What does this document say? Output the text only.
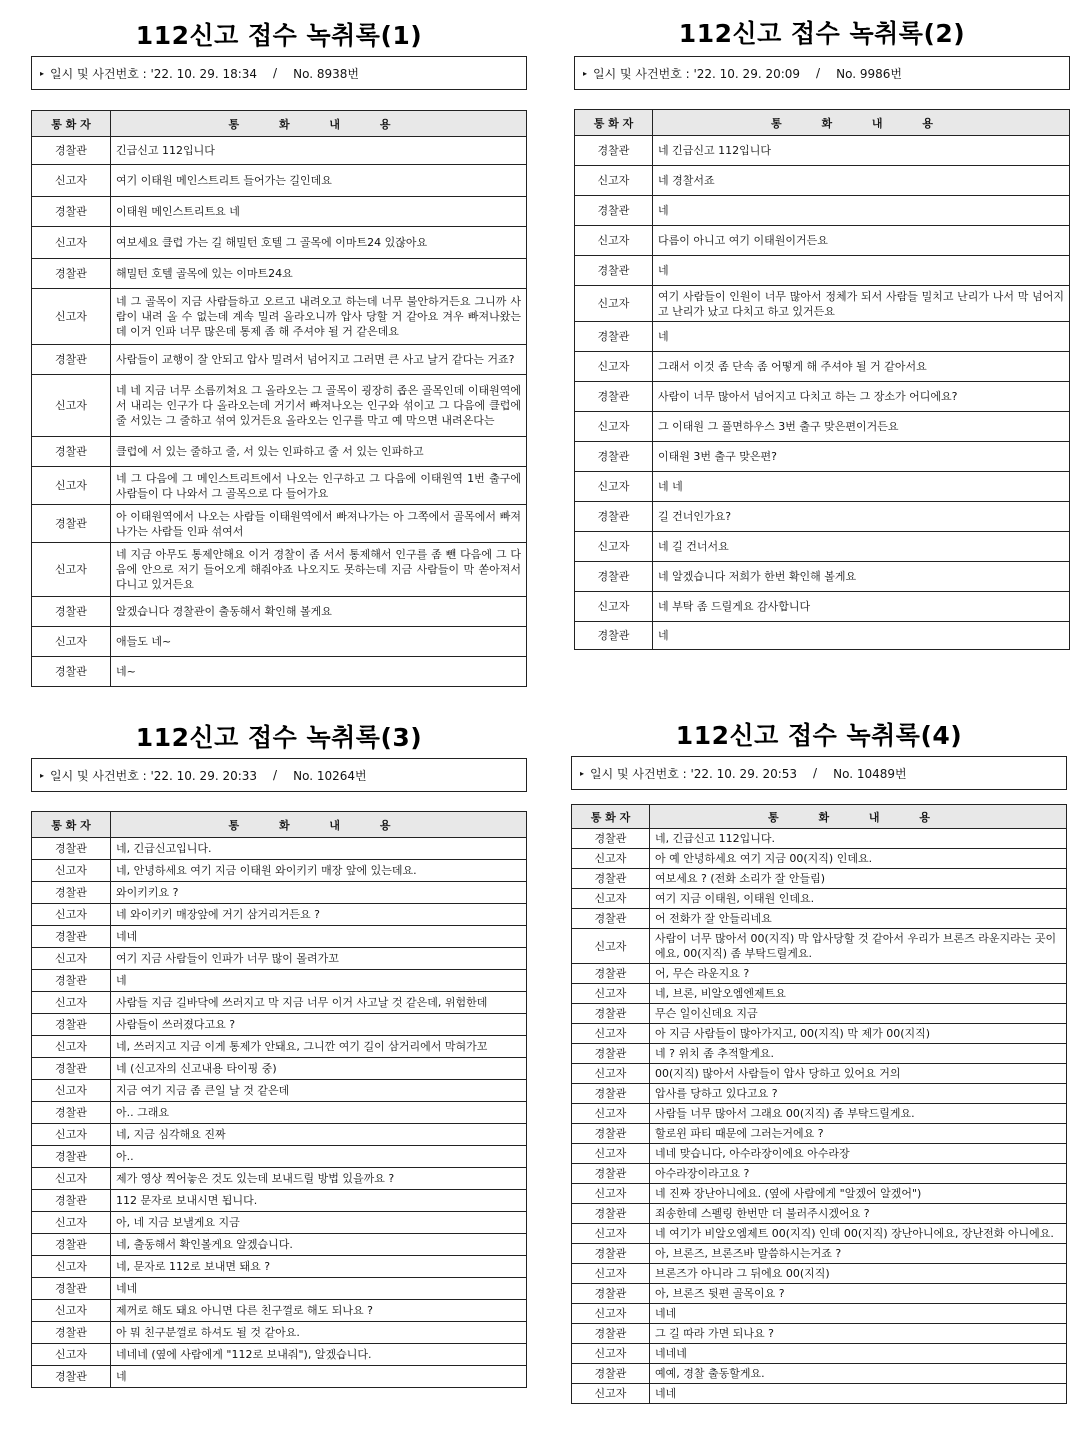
112신고 접수 녹취록(1)
▸ 일시 및 사건번호 : '22. 10. 29. 18:34 / No. 8938번
통 화 자	통 화 내 용
경찰관	긴급신고 112입니다
신고자	여기 이태원 메인스트리트 들어가는 길인데요
경찰관	이태원 메인스트리트요 네
신고자	여보세요 클럽 가는 길 해밀턴 호텔 그 골목에 이마트24 있잖아요
경찰관	해밀턴 호텔 골목에 있는 이마트24요
신고자	네 그 골목이 지금 사람들하고 오르고 내려오고 하는데 너무 불안하거든요 그니까 사람이 내려 올 수 없는데 계속 밀려 올라오니까 압사 당할 거 같아요 겨우 빠져나왔는데 이거 인파 너무 많은데 통제 좀 해 주셔야 될 거 같은데요
경찰관	사람들이 교행이 잘 안되고 압사 밀려서 넘어지고 그러면 큰 사고 날거 같다는 거죠?
신고자	네 네 지금 너무 소름끼쳐요 그 올라오는 그 골목이 굉장히 좁은 골목인데 이태원역에서 내리는 인구가 다 올라오는데 거기서 빠져나오는 인구와 섞이고 그 다음에 클럽에 줄 서있는 그 줄하고 섞여 있거든요 올라오는 인구를 막고 예 막으면 내려온다는
경찰관	클럽에 서 있는 줄하고 줄, 서 있는 인파하고 줄 서 있는 인파하고
신고자	네 그 다음에 그 메인스트리트에서 나오는 인구하고 그 다음에 이태원역 1번 출구에 사람들이 다 나와서 그 골목으로 다 들어가요
경찰관	아 이태원역에서 나오는 사람들 이태원역에서 빠져나가는 아 그쪽에서 골목에서 빠져나가는 사람들 인파 섞여서
신고자	네 지금 아무도 통제안해요 이거 경찰이 좀 서서 통제해서 인구를 좀 뺀 다음에 그 다음에 안으로 저기 들어오게 해줘야죠 나오지도 못하는데 지금 사람들이 막 쏟아져서 다니고 있거든요
경찰관	알겠습니다 경찰관이 출동해서 확인해 볼게요
신고자	애들도 네~
경찰관	네~
112신고 접수 녹취록(2)
▸ 일시 및 사건번호 : '22. 10. 29. 20:09 / No. 9986번
통 화 자	통 화 내 용
경찰관	네 긴급신고 112입니다
신고자	네 경찰서죠
경찰관	네
신고자	다름이 아니고 여기 이태원이거든요
경찰관	네
신고자	여기 사람들이 인원이 너무 많아서 정체가 되서 사람들 밀치고 난리가 나서 막 넘어지고 난리가 났고 다치고 하고 있거든요
경찰관	네
신고자	그래서 이것 좀 단속 좀 어떻게 해 주셔야 될 거 같아서요
경찰관	사람이 너무 많아서 넘어지고 다치고 하는 그 장소가 어디에요?
신고자	그 이태원 그 풀면하우스 3번 출구 맞은편이거든요
경찰관	이태원 3번 출구 맞은편?
신고자	네 네
경찰관	길 건너인가요?
신고자	네 길 건너서요
경찰관	네 알겠습니다 저희가 한번 확인해 볼게요
신고자	네 부탁 좀 드릴게요 감사합니다
경찰관	네
112신고 접수 녹취록(3)
▸ 일시 및 사건번호 : '22. 10. 29. 20:33 / No. 10264번
통 화 자	통 화 내 용
경찰관	네, 긴급신고입니다.
신고자	네, 안녕하세요 여기 지금 이태원 와이키키 매장 앞에 있는데요.
경찰관	와이키키요 ?
신고자	네 와이키키 매장앞에 거기 삼거리거든요 ?
경찰관	네네
신고자	여기 지금 사람들이 인파가 너무 많이 몰려가꼬
경찰관	네
신고자	사람들 지금 길바닥에 쓰러지고 막 지금 너무 이거 사고날 것 같은데, 위험한데
경찰관	사람들이 쓰러졌다고요 ?
신고자	네, 쓰러지고 지금 이게 통제가 안돼요, 그니깐 여기 길이 삼거리에서 막혀가꼬
경찰관	네 (신고자의 신고내용 타이핑 중)
신고자	지금 여기 지금 좀 큰일 날 것 같은데
경찰관	아.. 그래요
신고자	네, 지금 심각해요 진짜
경찰관	아..
신고자	제가 영상 찍어놓은 것도 있는데 보내드릴 방법 있을까요 ?
경찰관	112 문자로 보내시면 됩니다.
신고자	아, 네 지금 보낼게요 지금
경찰관	네, 출동해서 확인볼게요 알겠습니다.
신고자	네, 문자로 112로 보내면 돼요 ?
경찰관	네네
신고자	제꺼로 해도 돼요 아니면 다른 친구껄로 해도 되나요 ?
경찰관	아 뭐 친구분껄로 하셔도 될 것 같아요.
신고자	네네네 (옆에 사람에게 "112로 보내줘"), 알겠습니다.
경찰관	네
112신고 접수 녹취록(4)
▸ 일시 및 사건번호 : '22. 10. 29. 20:53 / No. 10489번
통 화 자	통 화 내 용
경찰관	네, 긴급신고 112입니다.
신고자	아 예 안녕하세요 여기 지금 00(지직) 인데요.
경찰관	여보세요 ? (전화 소리가 잘 안들림)
신고자	여기 지금 이태원, 이태원 인데요.
경찰관	어 전화가 잘 안들리네요
신고자	사람이 너무 많아서 00(지직) 막 압사당할 것 같아서 우리가 브론즈 라운지라는 곳이에요, 00(지직) 좀 부탁드릴게요.
경찰관	어, 무슨 라운지요 ?
신고자	네, 브론, 비알오엠엔제트요
경찰관	무슨 일이신데요 지금
신고자	아 지금 사람들이 많아가지고, 00(지직) 막 제가 00(지직)
경찰관	네 ? 위치 좀 추적할게요.
신고자	00(지직) 많아서 사람들이 압사 당하고 있어요 거의
경찰관	압사를 당하고 있다고요 ?
신고자	사람들 너무 많아서 그래요 00(지직) 좀 부탁드릴게요.
경찰관	할로윈 파티 때문에 그러는거에요 ?
신고자	네네 맞습니다, 아수라장이에요 아수라장
경찰관	아수라장이라고요 ?
신고자	네 진짜 장난아니에요. (옆에 사람에게 "알겠어 알겠어")
경찰관	죄송한데 스펠링 한번만 더 불러주시겠어요 ?
신고자	네 여기가 비알오엠제트 00(지직) 인데 00(지직) 장난아니에요, 장난전화 아니에요.
경찰관	아, 브론즈, 브론즈바 말씀하시는거죠 ?
신고자	브론즈가 아니라 그 뒤에요 00(지직)
경찰관	아, 브론즈 뒷편 골목이요 ?
신고자	네네
경찰관	그 길 따라 가면 되나요 ?
신고자	네네네
경찰관	예예, 경찰 출동할게요.
신고자	네네
